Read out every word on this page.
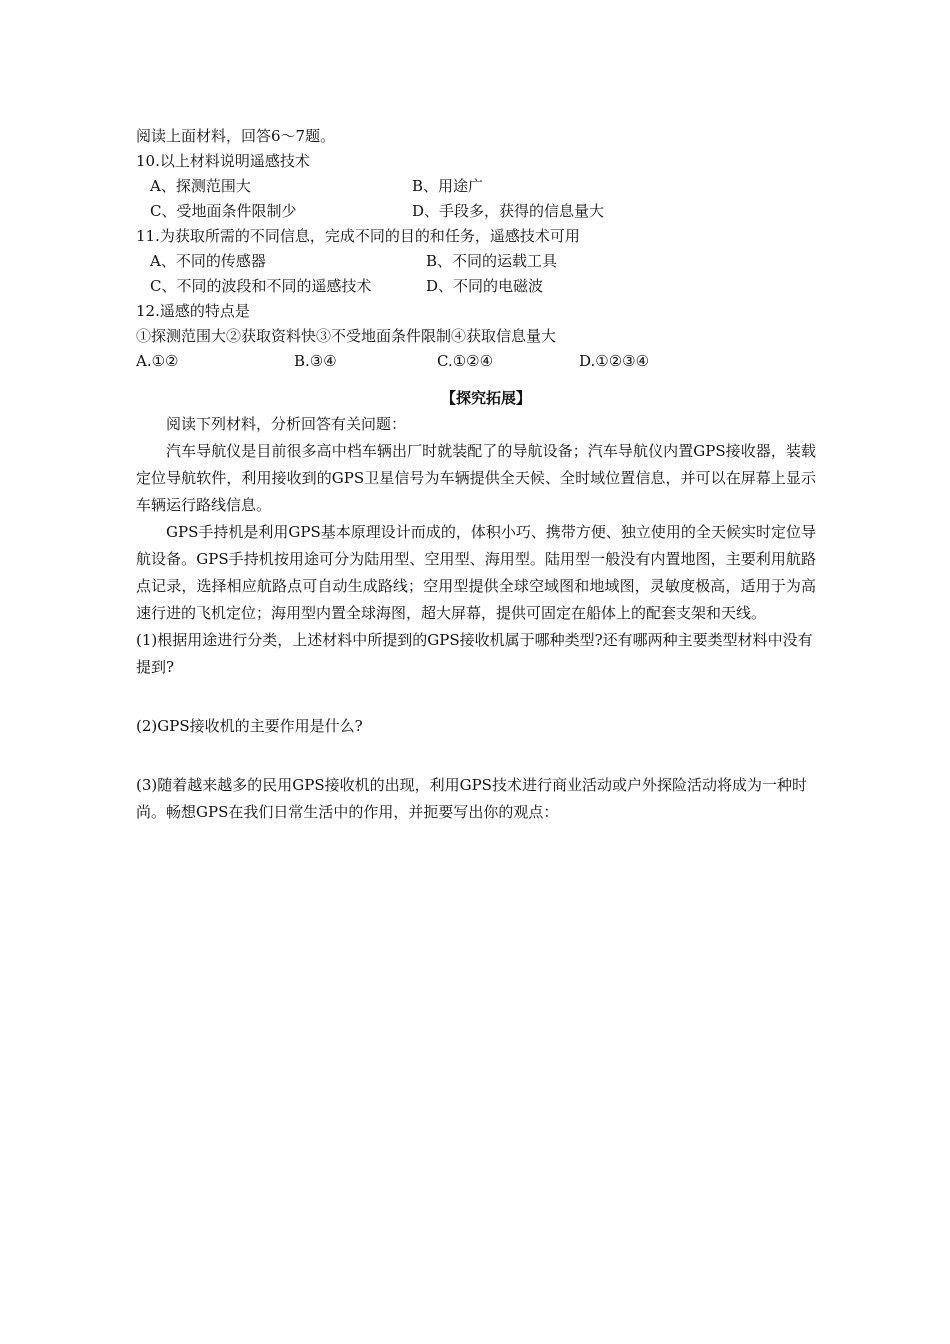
阅读上面材料，回答6～7题。
10.以上材料说明遥感技术
A、探测范围大	B、用途广
C、受地面条件限制少	D、手段多，获得的信息量大
11.为获取所需的不同信息，完成不同的目的和任务，遥感技术可用
A、不同的传感器	B、不同的运载工具
C、不同的波段和不同的遥感技术	D、不同的电磁波
12.遥感的特点是
①探测范围大②获取资料快③不受地面条件限制④获取信息量大
A.①②	B.③④	C.①②④	D.①②③④
【探究拓展】
阅读下列材料，分析回答有关问题：
汽车导航仪是目前很多高中档车辆出厂时就装配了的导航设备；汽车导航仪内置GPS接收器，装载定位导航软件，利用接收到的GPS卫星信号为车辆提供全天候、全时域位置信息，并可以在屏幕上显示车辆运行路线信息。
GPS手持机是利用GPS基本原理设计而成的，体积小巧、携带方便、独立使用的全天候实时定位导航设备。GPS手持机按用途可分为陆用型、空用型、海用型。陆用型一般没有内置地图，主要利用航路点记录，选择相应航路点可自动生成路线；空用型提供全球空域图和地域图，灵敏度极高，适用于为高速行进的飞机定位；海用型内置全球海图，超大屏幕，提供可固定在船体上的配套支架和天线。
(1)根据用途进行分类，上述材料中所提到的GPS接收机属于哪种类型?还有哪两种主要类型材料中没有提到?
(2)GPS接收机的主要作用是什么?
(3)随着越来越多的民用GPS接收机的出现，利用GPS技术进行商业活动或户外探险活动将成为一种时尚。畅想GPS在我们日常生活中的作用，并扼要写出你的观点：
